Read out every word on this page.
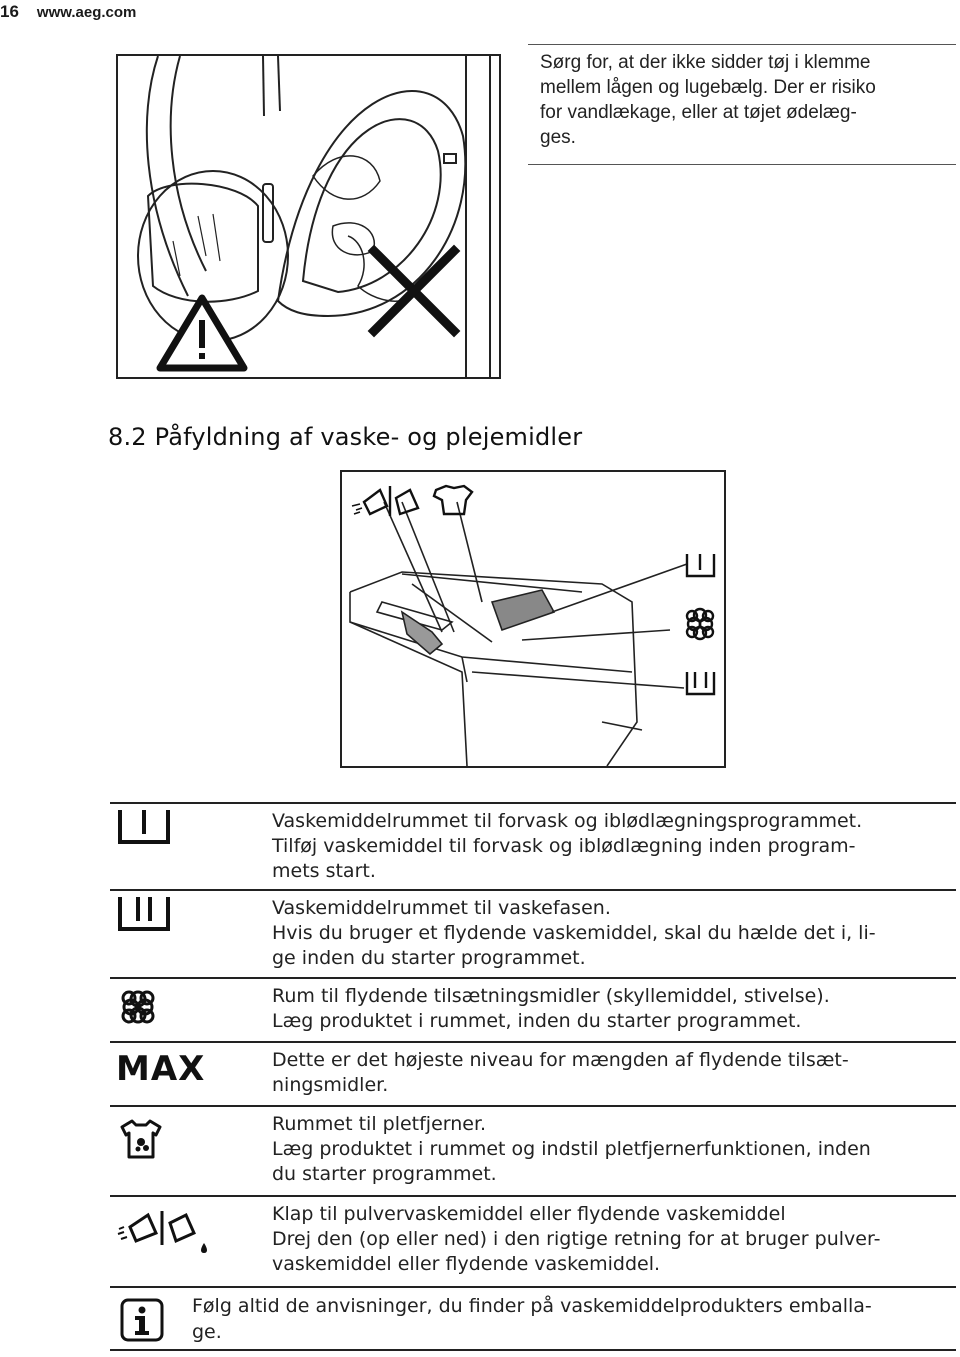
16 www.aeg.com
Sørg for, at der ikke sidder tøj i klemme
mellem lågen og lugebælg. Der er risiko
for vandlækage, eller at tøjet ødelæg-
ges.
8.2 Påfyldning af vaske- og plejemidler
Vaskemiddelrummet til forvask og iblødlægningsprogrammet.
Tilføj vaskemiddel til forvask og iblødlægning inden program-
mets start.
Vaskemiddelrummet til vaskefasen.
Hvis du bruger et flydende vaskemiddel, skal du hælde det i, li-
ge inden du starter programmet.
Rum til flydende tilsætningsmidler (skyllemiddel, stivelse).
Læg produktet i rummet, inden du starter programmet.
MAX	Dette er det højeste niveau for mængden af flydende tilsæt-
ningsmidler.
Rummet til pletfjerner.
Læg produktet i rummet og indstil pletfjernerfunktionen, inden
du starter programmet.
Klap til pulvervaskemiddel eller flydende vaskemiddel
Drej den (op eller ned) i den rigtige retning for at bruger pulver-
vaskemiddel eller flydende vaskemiddel.
Følg altid de anvisninger, du finder på vaskemiddelprodukters emballa-
ge.
